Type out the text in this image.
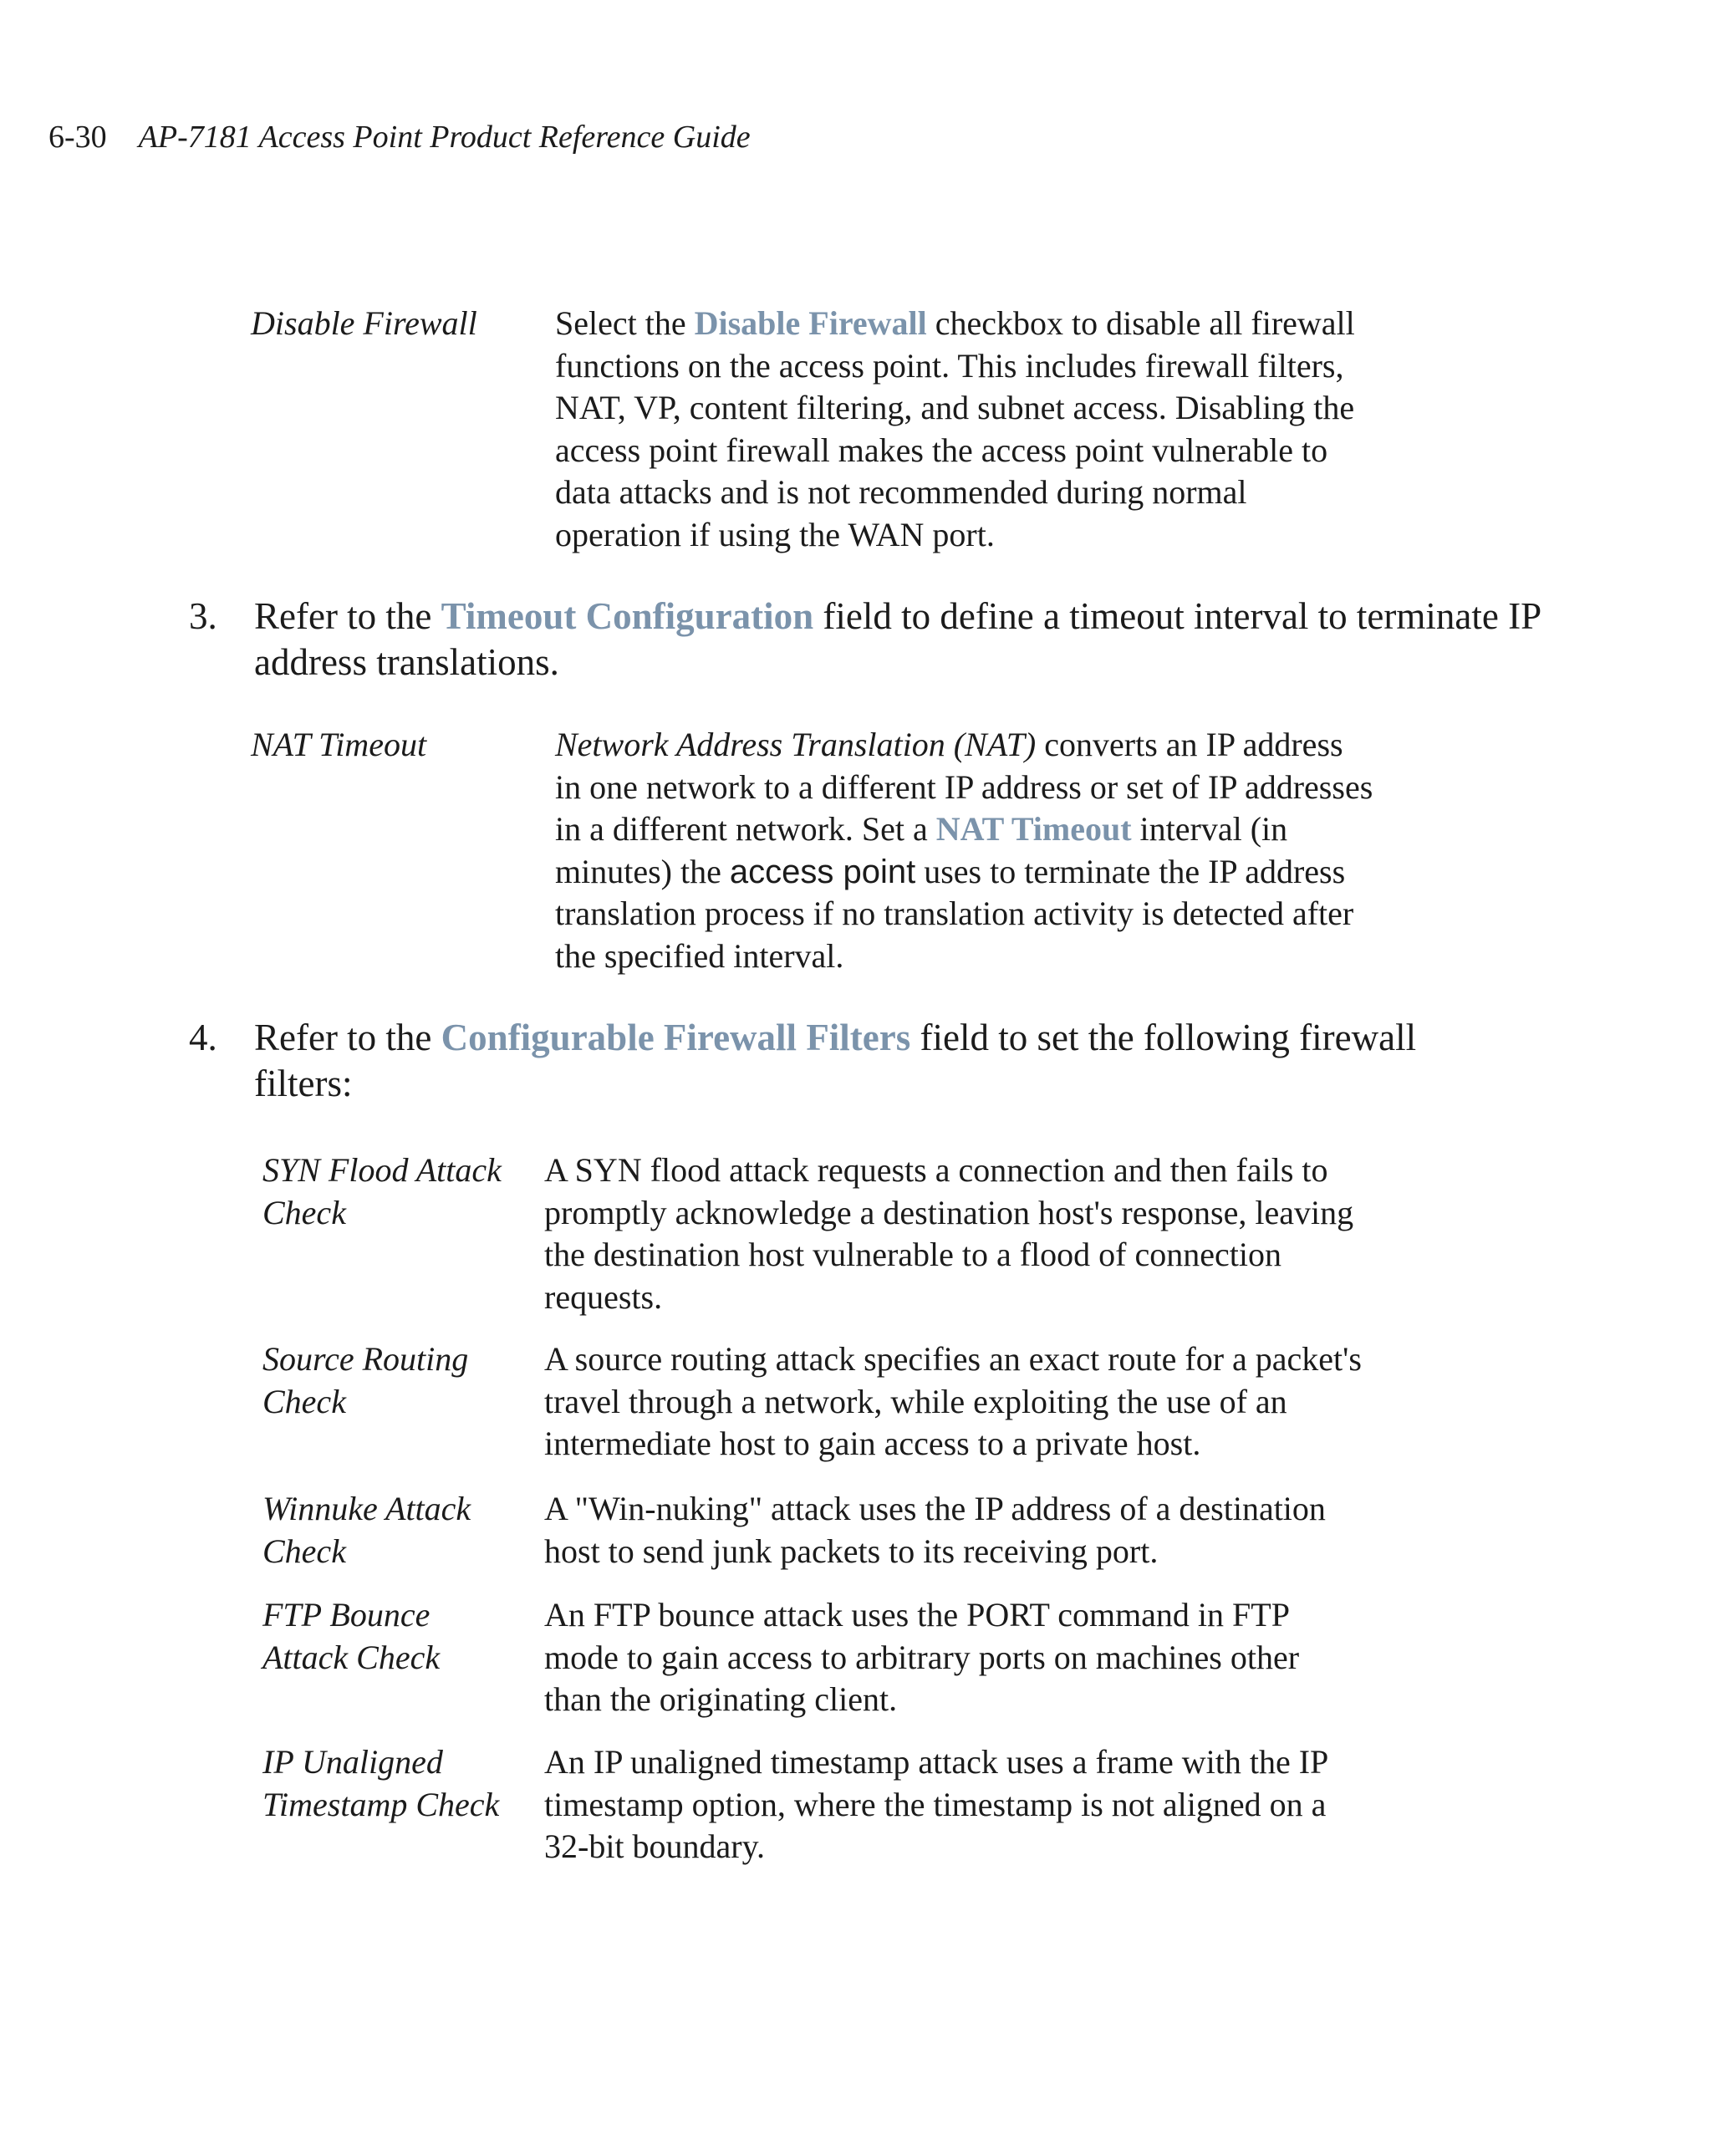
6-30 AP-7181 Access Point Product Reference Guide
Disable Firewall Select the Disable Firewall checkbox to disable all firewall
functions on the access point. This includes firewall filters,
NAT, VP, content filtering, and subnet access. Disabling the
access point firewall makes the access point vulnerable to
data attacks and is not recommended during normal
operation if using the WAN port.
3. Refer to the Timeout Configuration field to define a timeout interval to terminate IP
address translations.
NAT Timeout	Network Address Translation (NAT) converts an IP address
in one network to a different IP address or set of IP addresses
in a different network. Set a NAT Timeout interval (in
minutes) the access point uses to terminate the IP address
translation process if no translation activity is detected after
the specified interval.
4. Refer to the Configurable Firewall Filters field to set the following firewall
filters:
SYN Flood Attack
Check
A SYN flood attack requests a connection and then fails to
promptly acknowledge a destination host's response, leaving
the destination host vulnerable to a flood of connection
requests.
Source Routing
Check
A source routing attack specifies an exact route for a packet's
travel through a network, while exploiting the use of an
intermediate host to gain access to a private host.
Winnuke Attack
Check
A "Win-nuking" attack uses the IP address of a destination
host to send junk packets to its receiving port.
FTP Bounce
Attack Check
An FTP bounce attack uses the PORT command in FTP
mode to gain access to arbitrary ports on machines other
than the originating client.
IP Unaligned
Timestamp Check
An IP unaligned timestamp attack uses a frame with the IP
timestamp option, where the timestamp is not aligned on a
32-bit boundary.
